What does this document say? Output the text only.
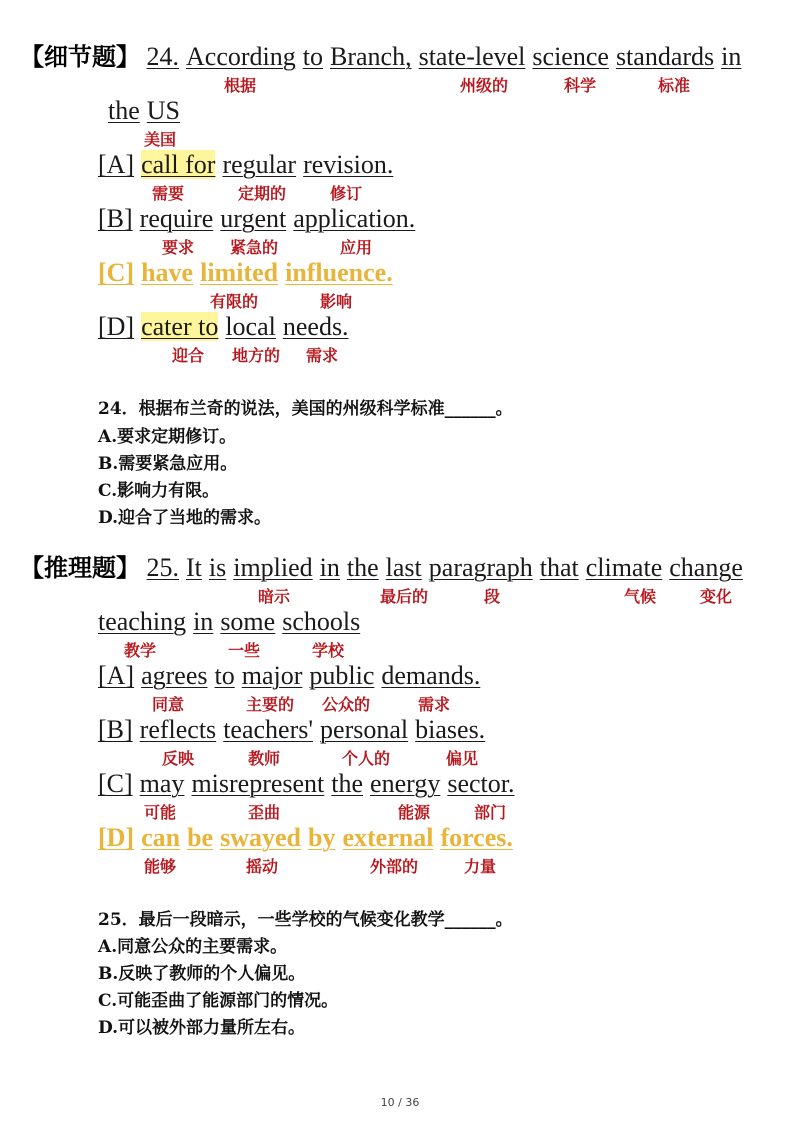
【细节题】 24. According to Branch, state-level science standards in
根据	州级的	科学	标准
the US
美国
[A] call for regular revision.
需要	定期的	修订
[B] require urgent application.
要求 紧急的	应用
[C] have limited influence.
有限的	影响
[D] cater to local needs.
迎合 地方的 需求
24．根据布兰奇的说法，美国的州级科学标准______。
A.要求定期修订。
B.需要紧急应用。
C.影响力有限。
D.迎合了当地的需求。
【推理题】 25. It is implied in the last paragraph that climate change
暗示	最后的	段	气候	变化
teaching in some schools
教学	一些	学校
[A] agrees to major public demands.
同意	主要的 公众的	需求
[B] reflects teachers' personal biases.
反映	教师	个人的	偏见
[C] may misrepresent the energy sector.
可能	歪曲	能源	部门
[D] can be swayed by external forces.
能够	摇动	外部的	力量
25．最后一段暗示，一些学校的气候变化教学______。
A.同意公众的主要需求。
B.反映了教师的个人偏见。
C.可能歪曲了能源部门的情况。
D.可以被外部力量所左右。
10 / 36
